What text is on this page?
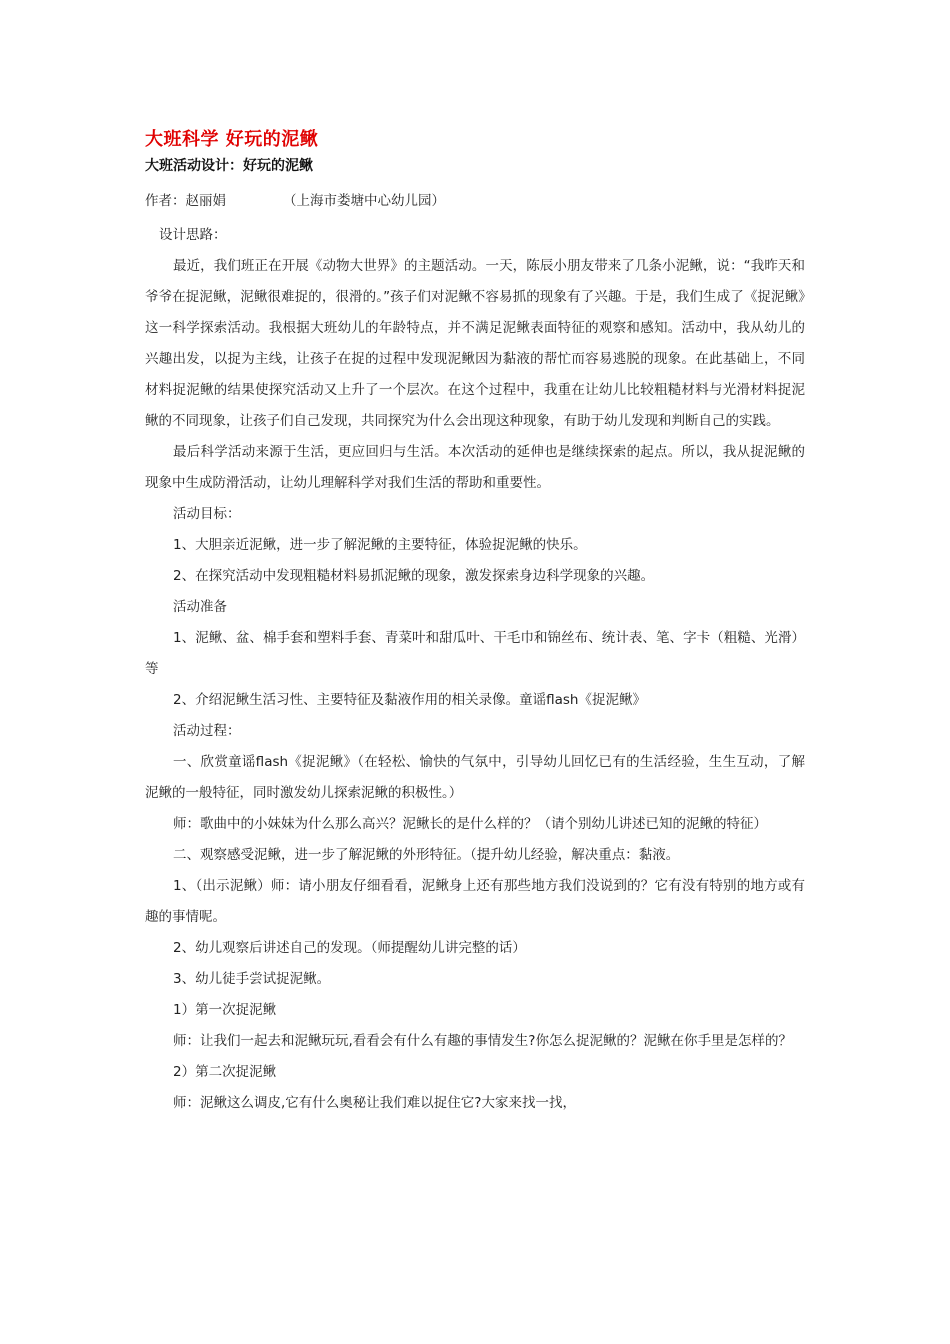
大班科学 好玩的泥鳅
大班活动设计：好玩的泥鳅
作者：赵丽娟	（上海市娄塘中心幼儿园）

设计思路：

最近，我们班正在开展《动物大世界》的主题活动。一天，陈辰小朋友带来了几条小泥鳅，说：“我昨天和爷爷在捉泥鳅，泥鳅很难捉的，很滑的。”孩子们对泥鳅不容易抓的现象有了兴趣。于是，我们生成了《捉泥鳅》这一科学探索活动。我根据大班幼儿的年龄特点，并不满足泥鳅表面特征的观察和感知。活动中，我从幼儿的兴趣出发，以捉为主线，让孩子在捉的过程中发现泥鳅因为黏液的帮忙而容易逃脱的现象。在此基础上，不同材料捉泥鳅的结果使探究活动又上升了一个层次。在这个过程中，我重在让幼儿比较粗糙材料与光滑材料捉泥鳅的不同现象，让孩子们自己发现，共同探究为什么会出现这种现象，有助于幼儿发现和判断自己的实践。

最后科学活动来源于生活，更应回归与生活。本次活动的延伸也是继续探索的起点。所以，我从捉泥鳅的现象中生成防滑活动，让幼儿理解科学对我们生活的帮助和重要性。

活动目标：

1、大胆亲近泥鳅，进一步了解泥鳅的主要特征，体验捉泥鳅的快乐。

2、在探究活动中发现粗糙材料易抓泥鳅的现象，激发探索身边科学现象的兴趣。

活动准备

1、泥鳅、盆、棉手套和塑料手套、青菜叶和甜瓜叶、干毛巾和锦丝布、统计表、笔、字卡（粗糙、光滑）等

2、介绍泥鳅生活习性、主要特征及黏液作用的相关录像。童谣flash《捉泥鳅》

活动过程：

一、欣赏童谣flash《捉泥鳅》（在轻松、愉快的气氛中，引导幼儿回忆已有的生活经验，生生互动，了解泥鳅的一般特征，同时激发幼儿探索泥鳅的积极性。）

师：歌曲中的小妹妹为什么那么高兴？泥鳅长的是什么样的？（请个别幼儿讲述已知的泥鳅的特征）

二、观察感受泥鳅，进一步了解泥鳅的外形特征。（提升幼儿经验，解决重点：黏液。

1、（出示泥鳅）师：请小朋友仔细看看，泥鳅身上还有那些地方我们没说到的？它有没有特别的地方或有趣的事情呢。

2、幼儿观察后讲述自己的发现。（师提醒幼儿讲完整的话）

3、幼儿徒手尝试捉泥鳅。

1）第一次捉泥鳅

师：让我们一起去和泥鳅玩玩,看看会有什么有趣的事情发生?你怎么捉泥鳅的？泥鳅在你手里是怎样的？

2）第二次捉泥鳅

师：泥鳅这么调皮,它有什么奥秘让我们难以捉住它?大家来找一找，
